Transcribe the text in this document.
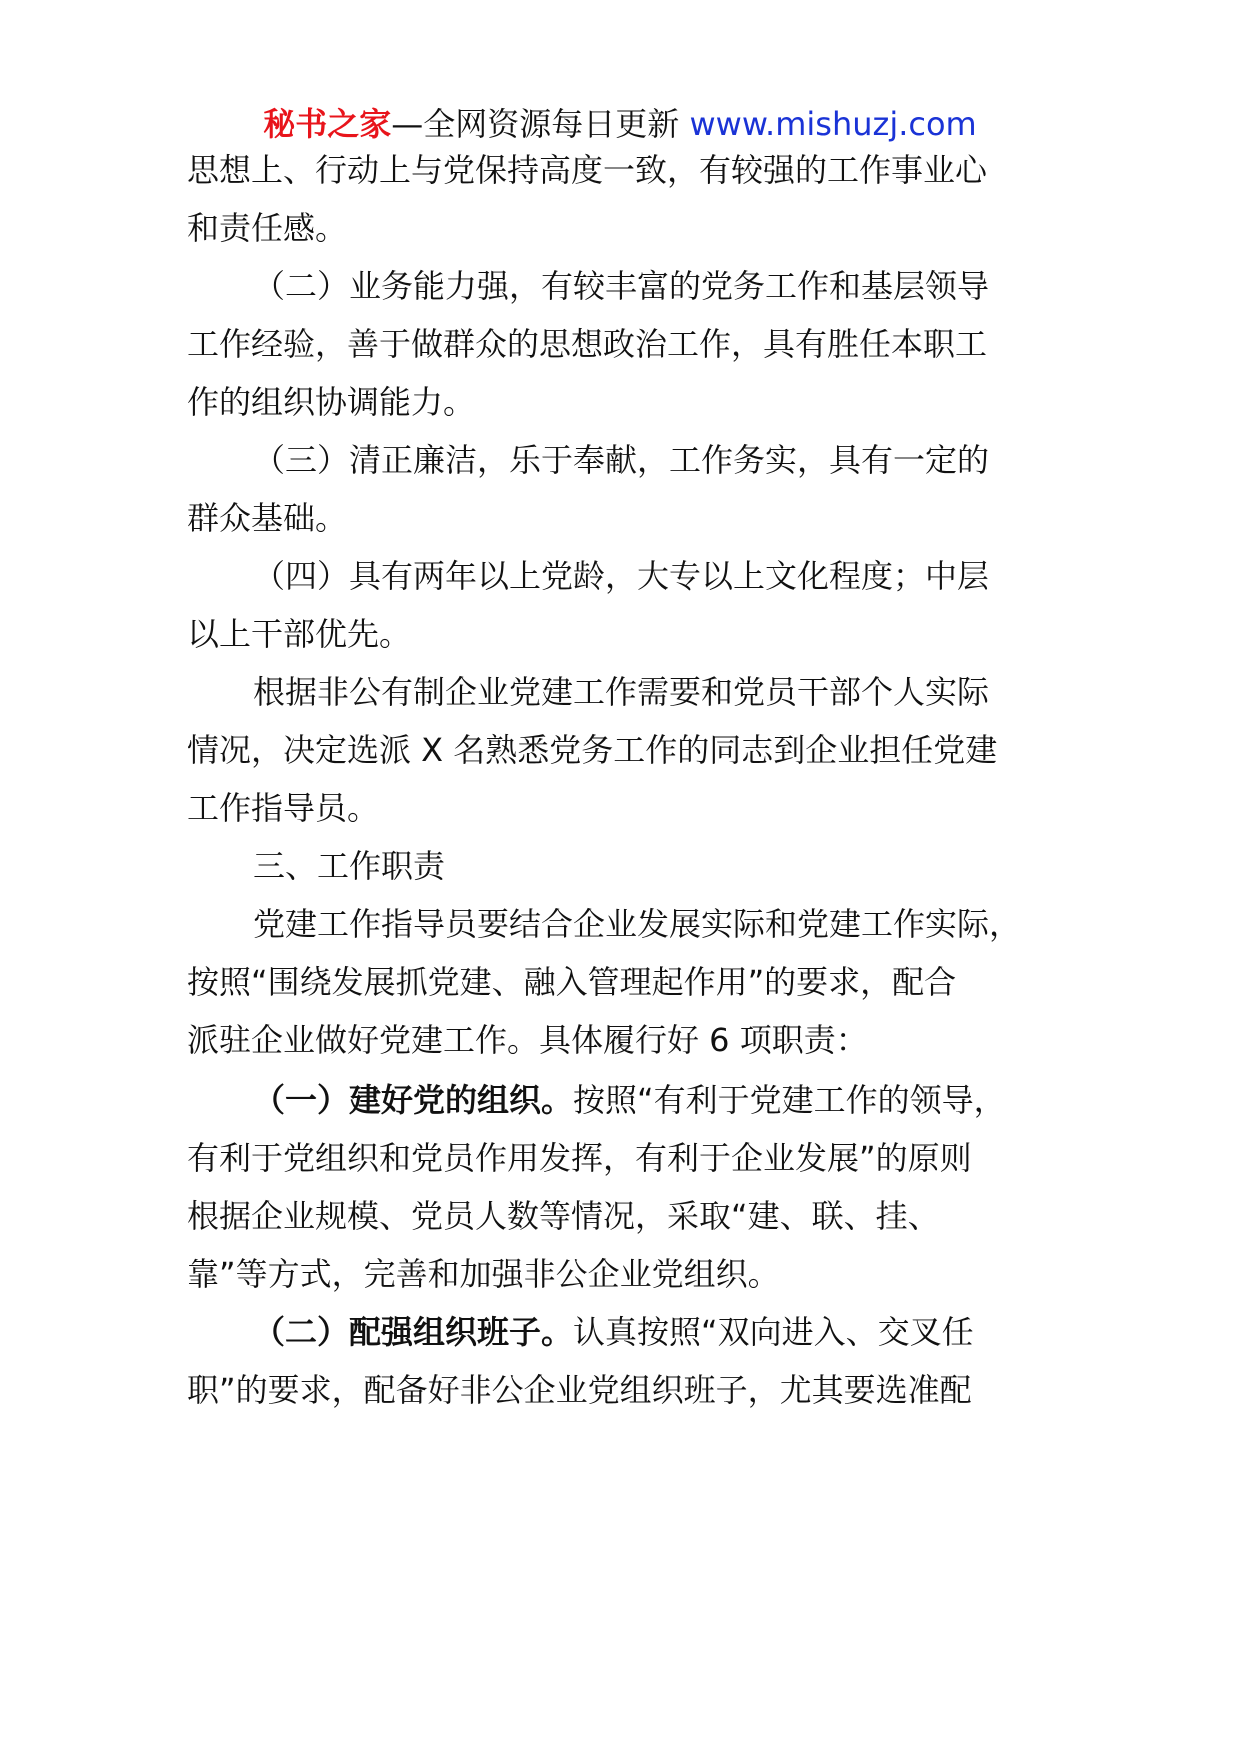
秘书之家—全网资源每日更新 www.mishuzj.com
思想上、行动上与党保持高度一致，有较强的工作事业心
和责任感。
（二）业务能力强，有较丰富的党务工作和基层领导
工作经验，善于做群众的思想政治工作，具有胜任本职工
作的组织协调能力。
（三）清正廉洁，乐于奉献，工作务实，具有一定的
群众基础。
（四）具有两年以上党龄，大专以上文化程度；中层
以上干部优先。
根据非公有制企业党建工作需要和党员干部个人实际
情况，决定选派 X 名熟悉党务工作的同志到企业担任党建
工作指导员。
三、工作职责
党建工作指导员要结合企业发展实际和党建工作实际，
按照“围绕发展抓党建、融入管理起作用”的要求，配合
派驻企业做好党建工作。具体履行好 6 项职责：
（一）建好党的组织。按照“有利于党建工作的领导，
有利于党组织和党员作用发挥，有利于企业发展”的原则
根据企业规模、党员人数等情况，采取“建、联、挂、
靠”等方式，完善和加强非公企业党组织。
（二）配强组织班子。认真按照“双向进入、交叉任
职”的要求，配备好非公企业党组织班子，尤其要选准配
